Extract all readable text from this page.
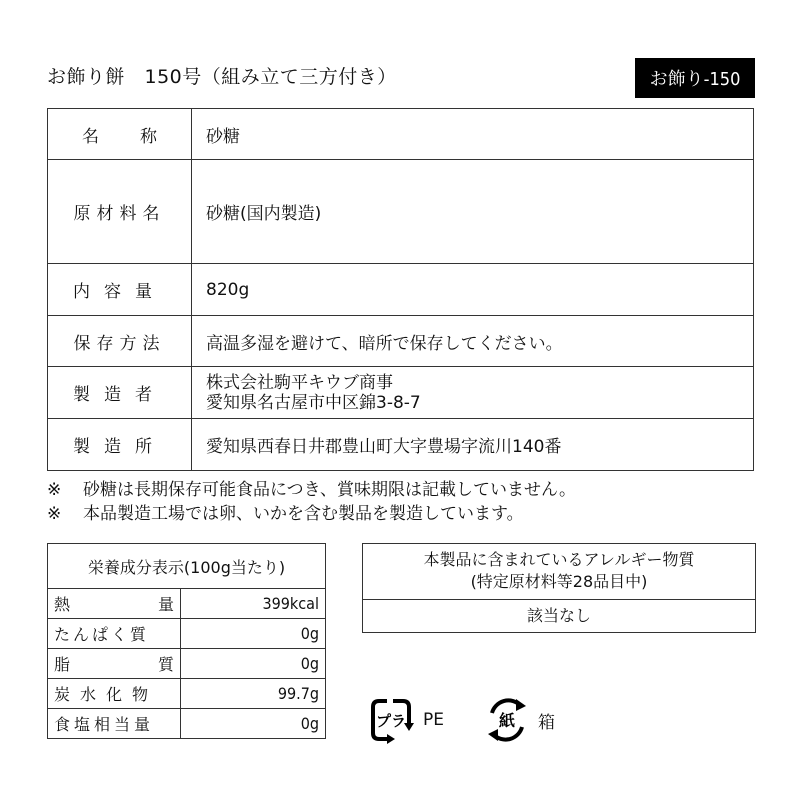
お飾り餅　150号（組み立て三方付き）	お飾り-150
名 称	砂糖
原材料名	砂糖(国内製造)
内容量	820g
保存方法	高温多湿を避けて、暗所で保存してください。
製造者	株式会社駒平キウブ商事
愛知県名古屋市中区錦3-8-7

製造所	愛知県西春日井郡豊山町大字豊場字流川140番
※	砂糖は長期保存可能食品につき、賞味期限は記載していません。
※	本品製造工場では卵、いかを含む製品を製造しています。
栄養成分表示(100g当たり)	

熱 量	399kcal
たんぱく質	0g

脂 質	0g
炭水化物	99.7g
食塩相当量	0g
本製品に含まれているアレルギー物質
(特定原材料等28品目中)
該当なし
プラ PE	紙 箱
